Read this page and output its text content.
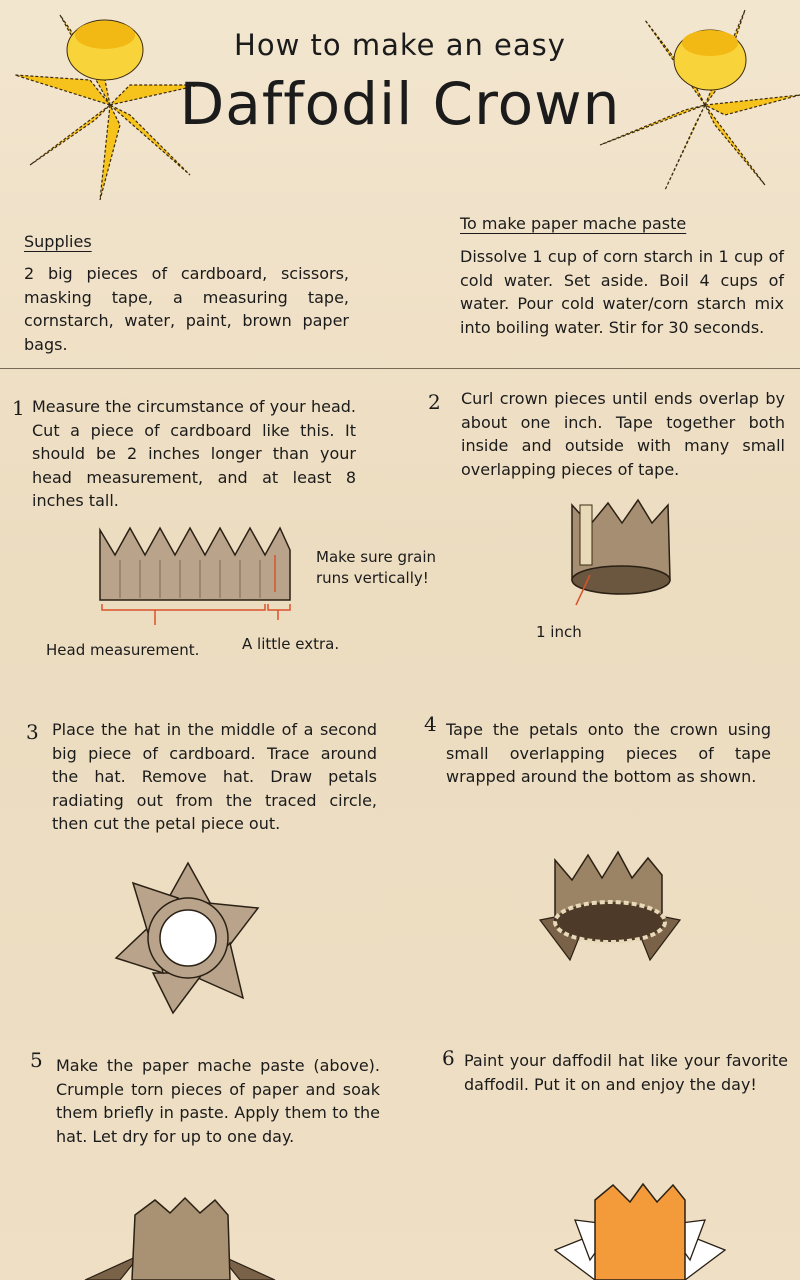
How to make an easy
Daffodil Crown
Supplies
2 big pieces of cardboard, scissors, masking tape, a measuring tape, cornstarch, water, paint, brown paper bags.
To make paper mache paste
Dissolve 1 cup of corn starch in 1 cup of cold water. Set aside. Boil 4 cups of water. Pour cold water/corn starch mix into boiling water. Stir for 30 seconds.
1 Measure the circumstance of your head. Cut a piece of cardboard like this. It should be 2 inches longer than your head measurement, and at least 8 inches tall.
Make sure grain runs vertically!
Head measurement.	A little extra.
2 Curl crown pieces until ends overlap by about one inch. Tape together both inside and outside with many small overlapping pieces of tape.
1 inch
3 Place the hat in the middle of a second big piece of cardboard. Trace around the hat. Remove hat. Draw petals radiating out from the traced circle, then cut the petal piece out.
4 Tape the petals onto the crown using small overlapping pieces of tape wrapped around the bottom as shown.
5 Make the paper mache paste (above). Crumple torn pieces of paper and soak them briefly in paste. Apply them to the hat. Let dry for up to one day.
6 Paint your daffodil hat like your favorite daffodil. Put it on and enjoy the day!
